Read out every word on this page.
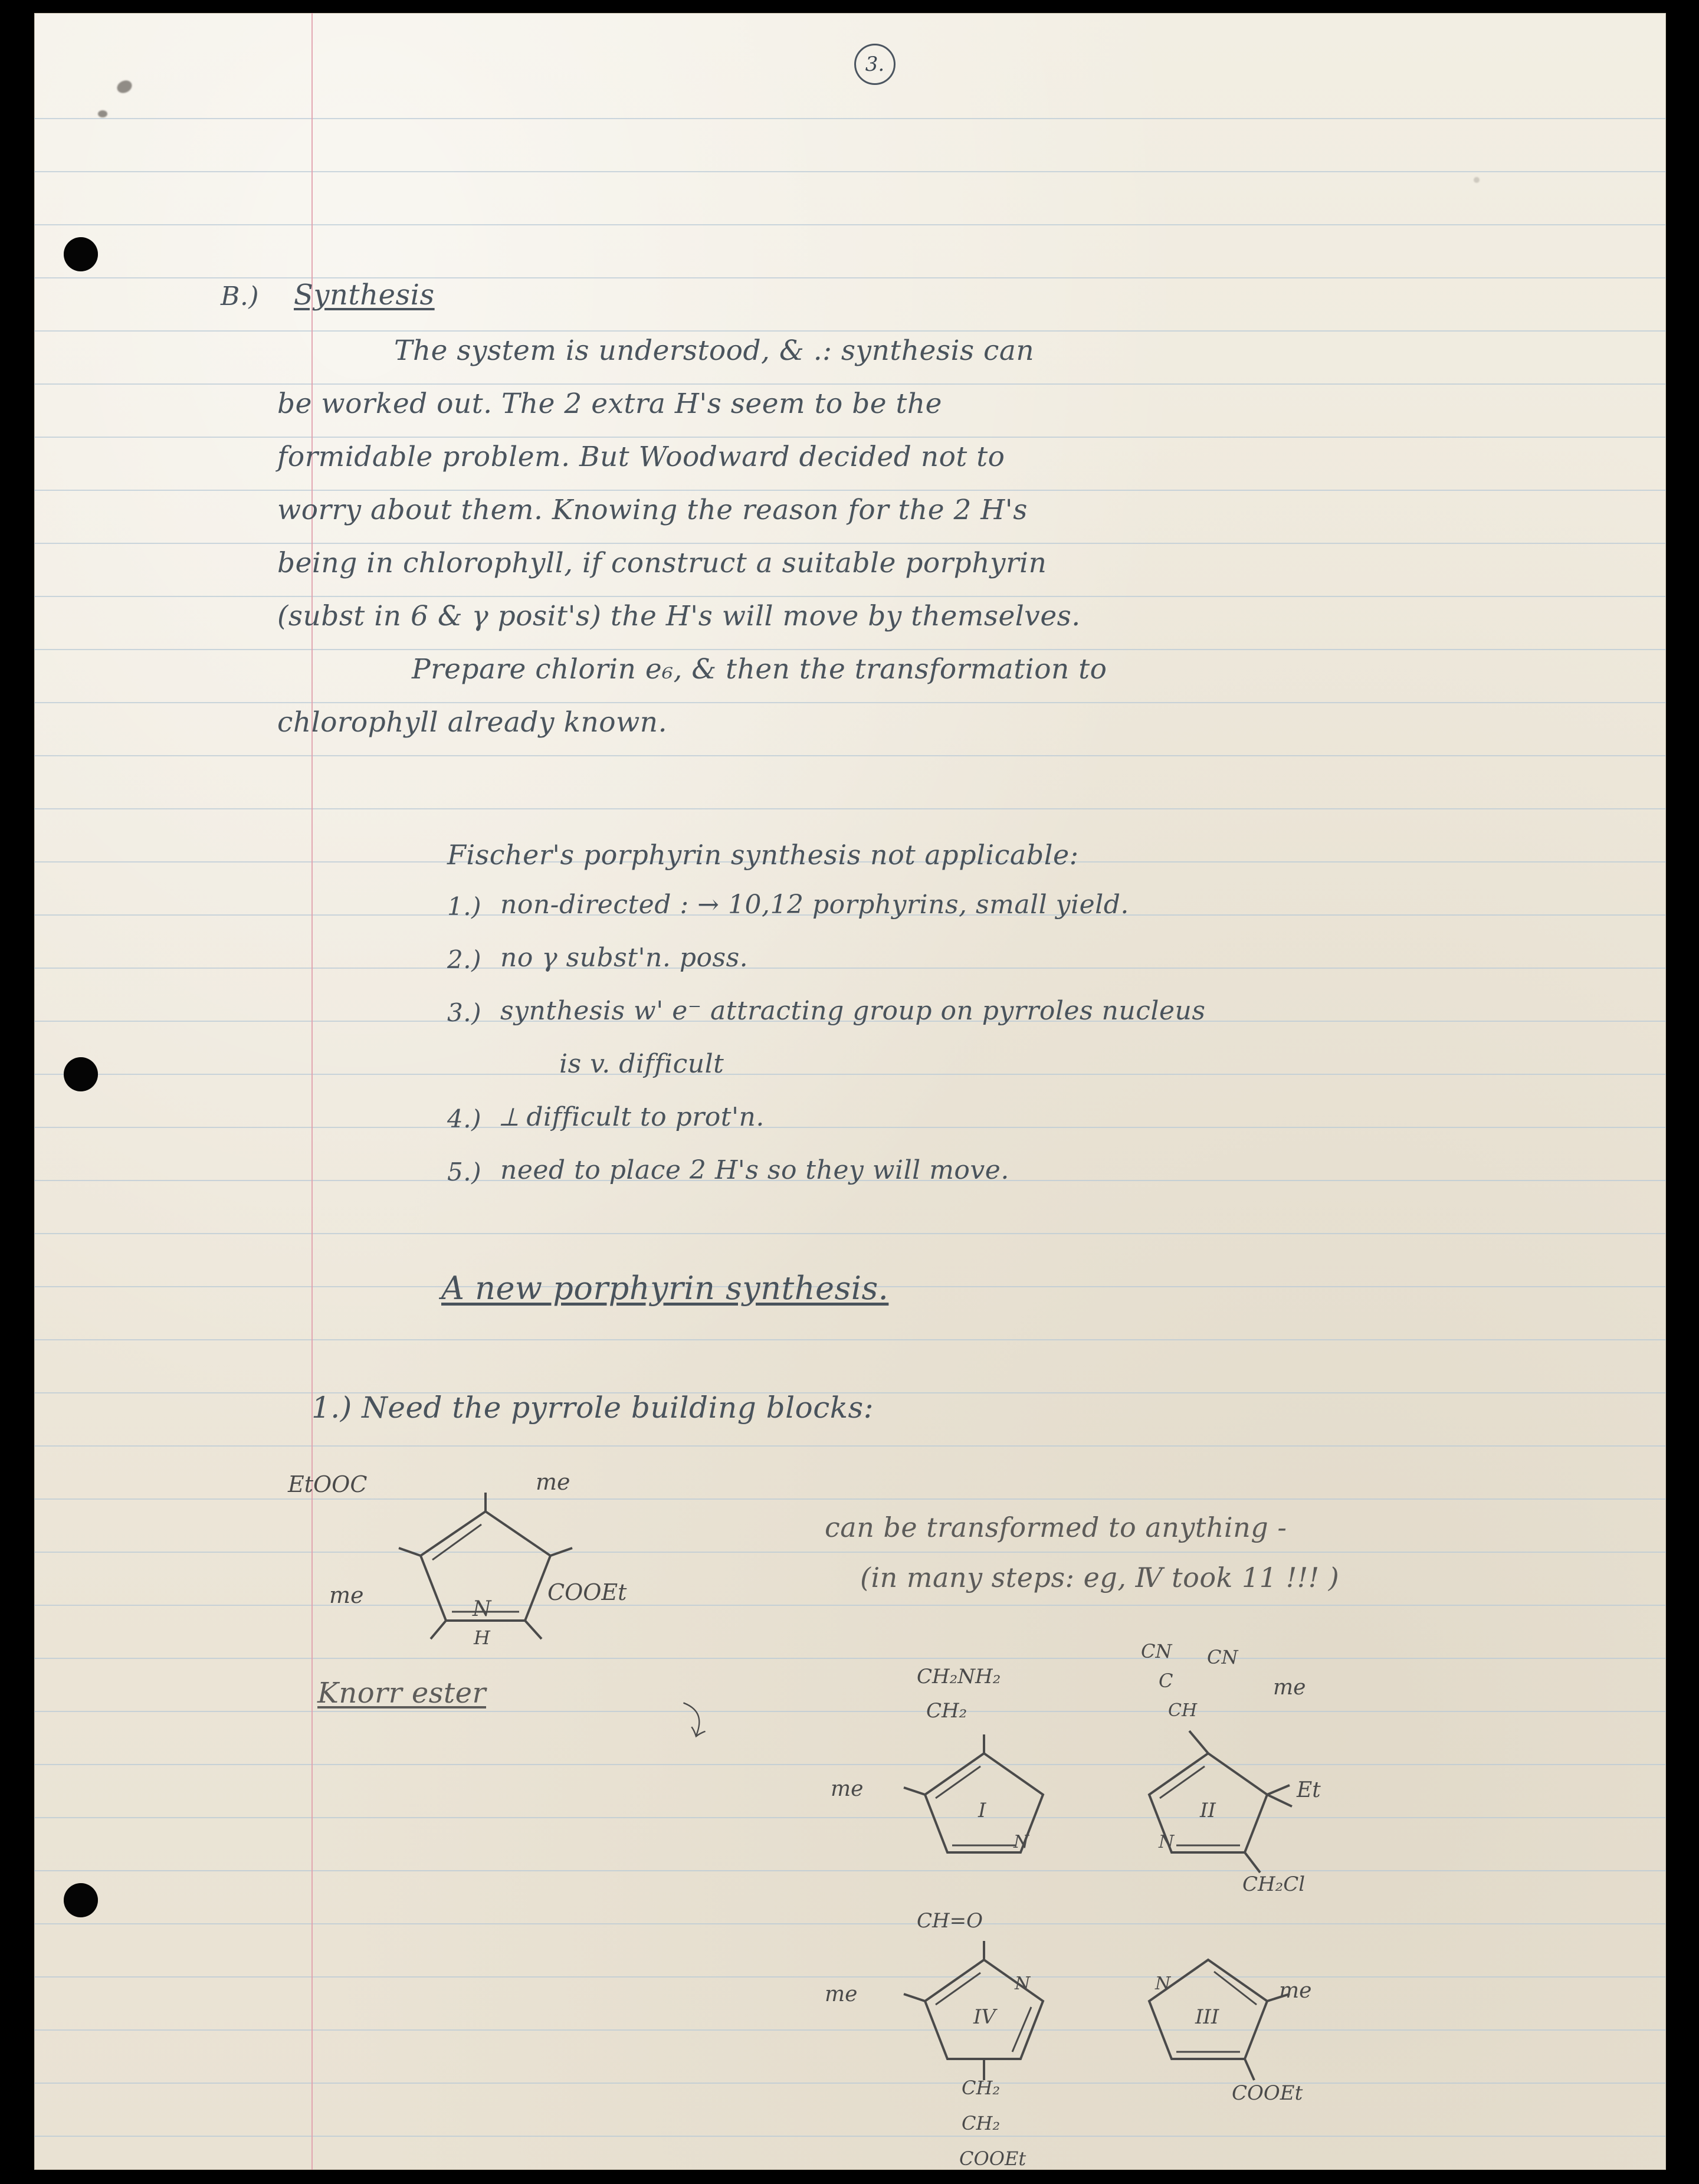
3.
B.) Synthesis
The system is understood, & .: synthesis can
be worked out. The 2 extra H's seem to be the
formidable problem. But Woodward decided not to
worry about them. Knowing the reason for the 2 H's
being in chlorophyll, if construct a suitable porphyrin
(subst in 6 & γ posit's) the H's will move by themselves.
Prepare chlorin e₆, & then the transformation to
chlorophyll already known.
Fischer's porphyrin synthesis not applicable:
1.) non-directed : → 10,12 porphyrins, small yield.
2.) no γ subst'n. poss.
3.) synthesis w' e⁻ attracting group on pyrroles nucleus
is v. difficult
4.) ⟂ difficult to prot'n.
5.) need to place 2 H's so they will move.
A new porphyrin synthesis.
1.) Need the pyrrole building blocks:
EtOOC	me
me	COOEt
N
H
Knorr ester
⤵
can be transformed to anything -
(in many steps: eg, Ⅳ took 11 !!! )
I
N
CH₂NH₂
CH₂
me
II
N
CN CN
C
CH
me
Et
CH₂Cl
IV
N
CH=O
me
CH₂
CH₂
COOEt
III
N	me
COOEt
